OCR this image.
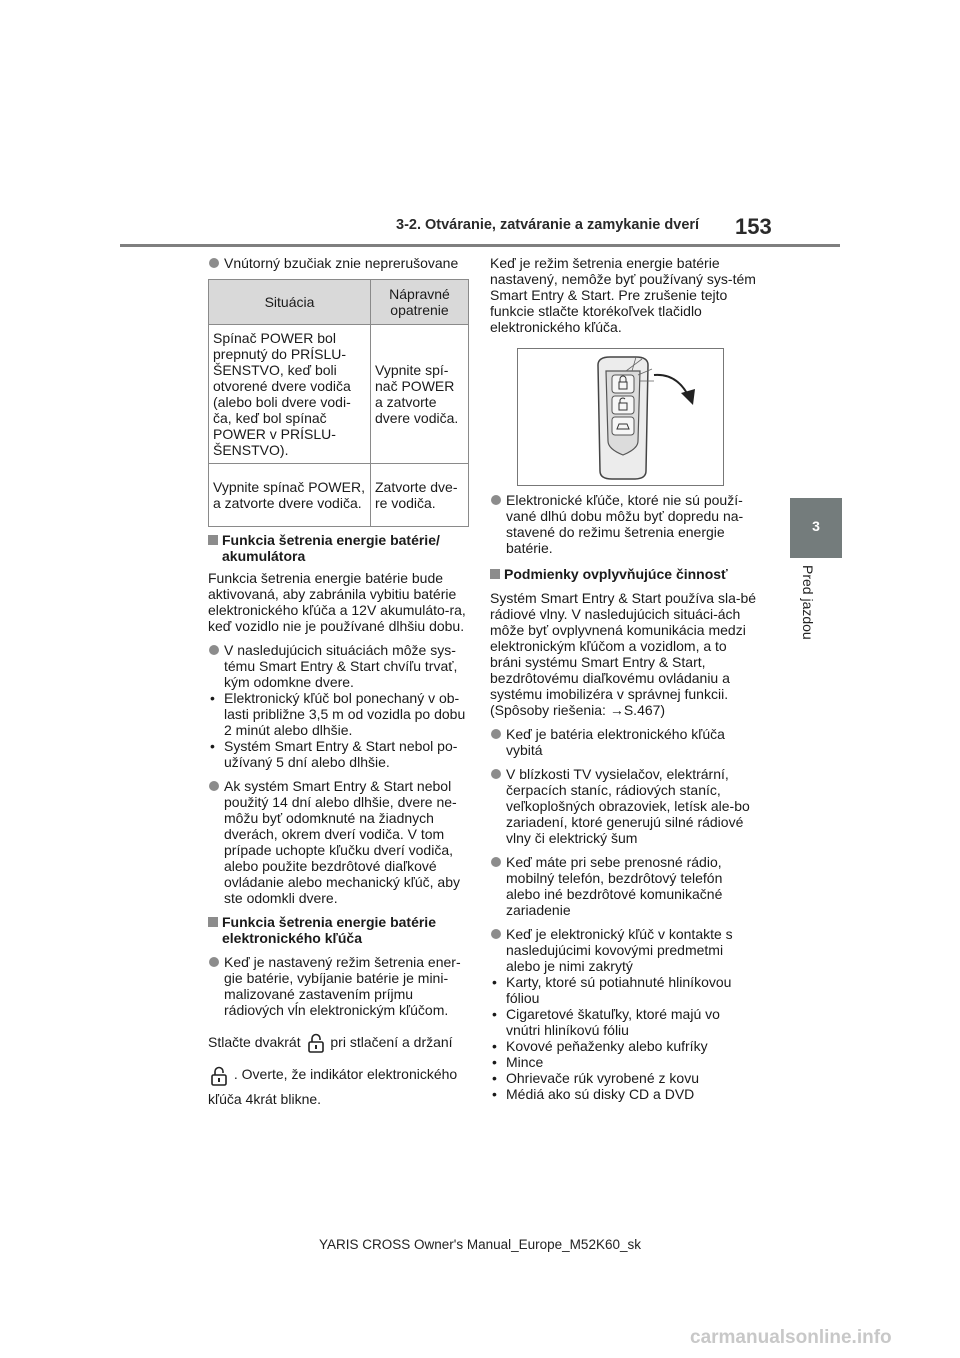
3-2. Otváranie, zatváranie a zamykanie dverí 153
3
Pred jazdou

Vnútorný bzučiak znie neprerušovane

Situácia	Nápravné opatrenie
Spínač POWER bol prepnutý do PRÍSLU-ŠENSTVO, keď boli otvorené dvere vodiča (alebo boli dvere vodi-ča, keď bol spínač POWER v PRÍSLU-ŠENSTVO).	Vypnite spí-nač POWER a zatvorte dvere vodiča.
Vypnite spínač POWER, a zatvorte dvere vodiča.	Zatvorte dve-re vodiča.

Funkcia šetrenia energie batérie/ akumulátora

Funkcia šetrenia energie batérie bude aktivovaná, aby zabránila vybitiu batérie elektronického kľúča a 12V akumuláto-ra, keď vozidlo nie je používané dlhšiu dobu.

V nasledujúcich situáciách môže sys-tému Smart Entry & Start chvíľu trvať, kým odomkne dvere.

• Elektronický kľúč bol ponechaný v ob-lasti približne 3,5 m od vozidla po dobu 2 minút alebo dlhšie.

• Systém Smart Entry & Start nebol po-užívaný 5 dní alebo dlhšie.

Ak systém Smart Entry & Start nebol použitý 14 dní alebo dlhšie, dvere ne-môžu byť odomknuté na žiadnych dverách, okrem dverí vodiča. V tom prípade uchopte kľučku dverí vodiča, alebo použite bezdrôtové diaľkové ovládanie alebo mechanický kľúč, aby ste odomkli dvere.

Funkcia šetrenia energie batérie elektronického kľúča

Keď je nastavený režim šetrenia ener-gie batérie, vybíjanie batérie je mini-malizované zastavením príjmu rádiových vĺn elektronickým kľúčom.

Stlačte dvakrát pri stlačení a držaní

. Overte, že indikátor elektronického
kľúča 4krát blikne.

Keď je režim šetrenia energie batérie nastavený, nemôže byť používaný sys-tém Smart Entry & Start. Pre zrušenie tejto funkcie stlačte ktorékoľvek tlačidlo elektronického kľúča.

Elektronické kľúče, ktoré nie sú použí-vané dlhú dobu môžu byť dopredu na-stavené do režimu šetrenia energie batérie.

Podmienky ovplyvňujúce činnosť

Systém Smart Entry & Start používa sla-bé rádiové vlny. V nasledujúcich situáci-ách môže byť ovplyvnená komunikácia medzi elektronickým kľúčom a vozidlom, a to bráni systému Smart Entry & Start, bezdrôtovému diaľkovému ovládaniu a systému imobilizéra v správnej funkcii. (Spôsoby riešenia: →S.467)

Keď je batéria elektronického kľúča vybitá

V blízkosti TV vysielačov, elektrární, čerpacích staníc, rádiových staníc, veľkoplošných obrazoviek, letísk ale-bo zariadení, ktoré generujú silné rádiové vlny či elektrický šum

Keď máte pri sebe prenosné rádio, mobilný telefón, bezdrôtový telefón alebo iné bezdrôtové komunikačné zariadenie

Keď je elektronický kľúč v kontakte s nasledujúcimi kovovými predmetmi alebo je nimi zakrytý

• Karty, ktoré sú potiahnuté hliníkovou fóliou

• Cigaretové škatuľky, ktoré majú vo vnútri hliníkovú fóliu

• Kovové peňaženky alebo kufríky

• Mince

• Ohrievače rúk vyrobené z kovu

• Médiá ako sú disky CD a DVD

YARIS CROSS Owner's Manual_Europe_M52K60_sk
carmanualsonline.info
